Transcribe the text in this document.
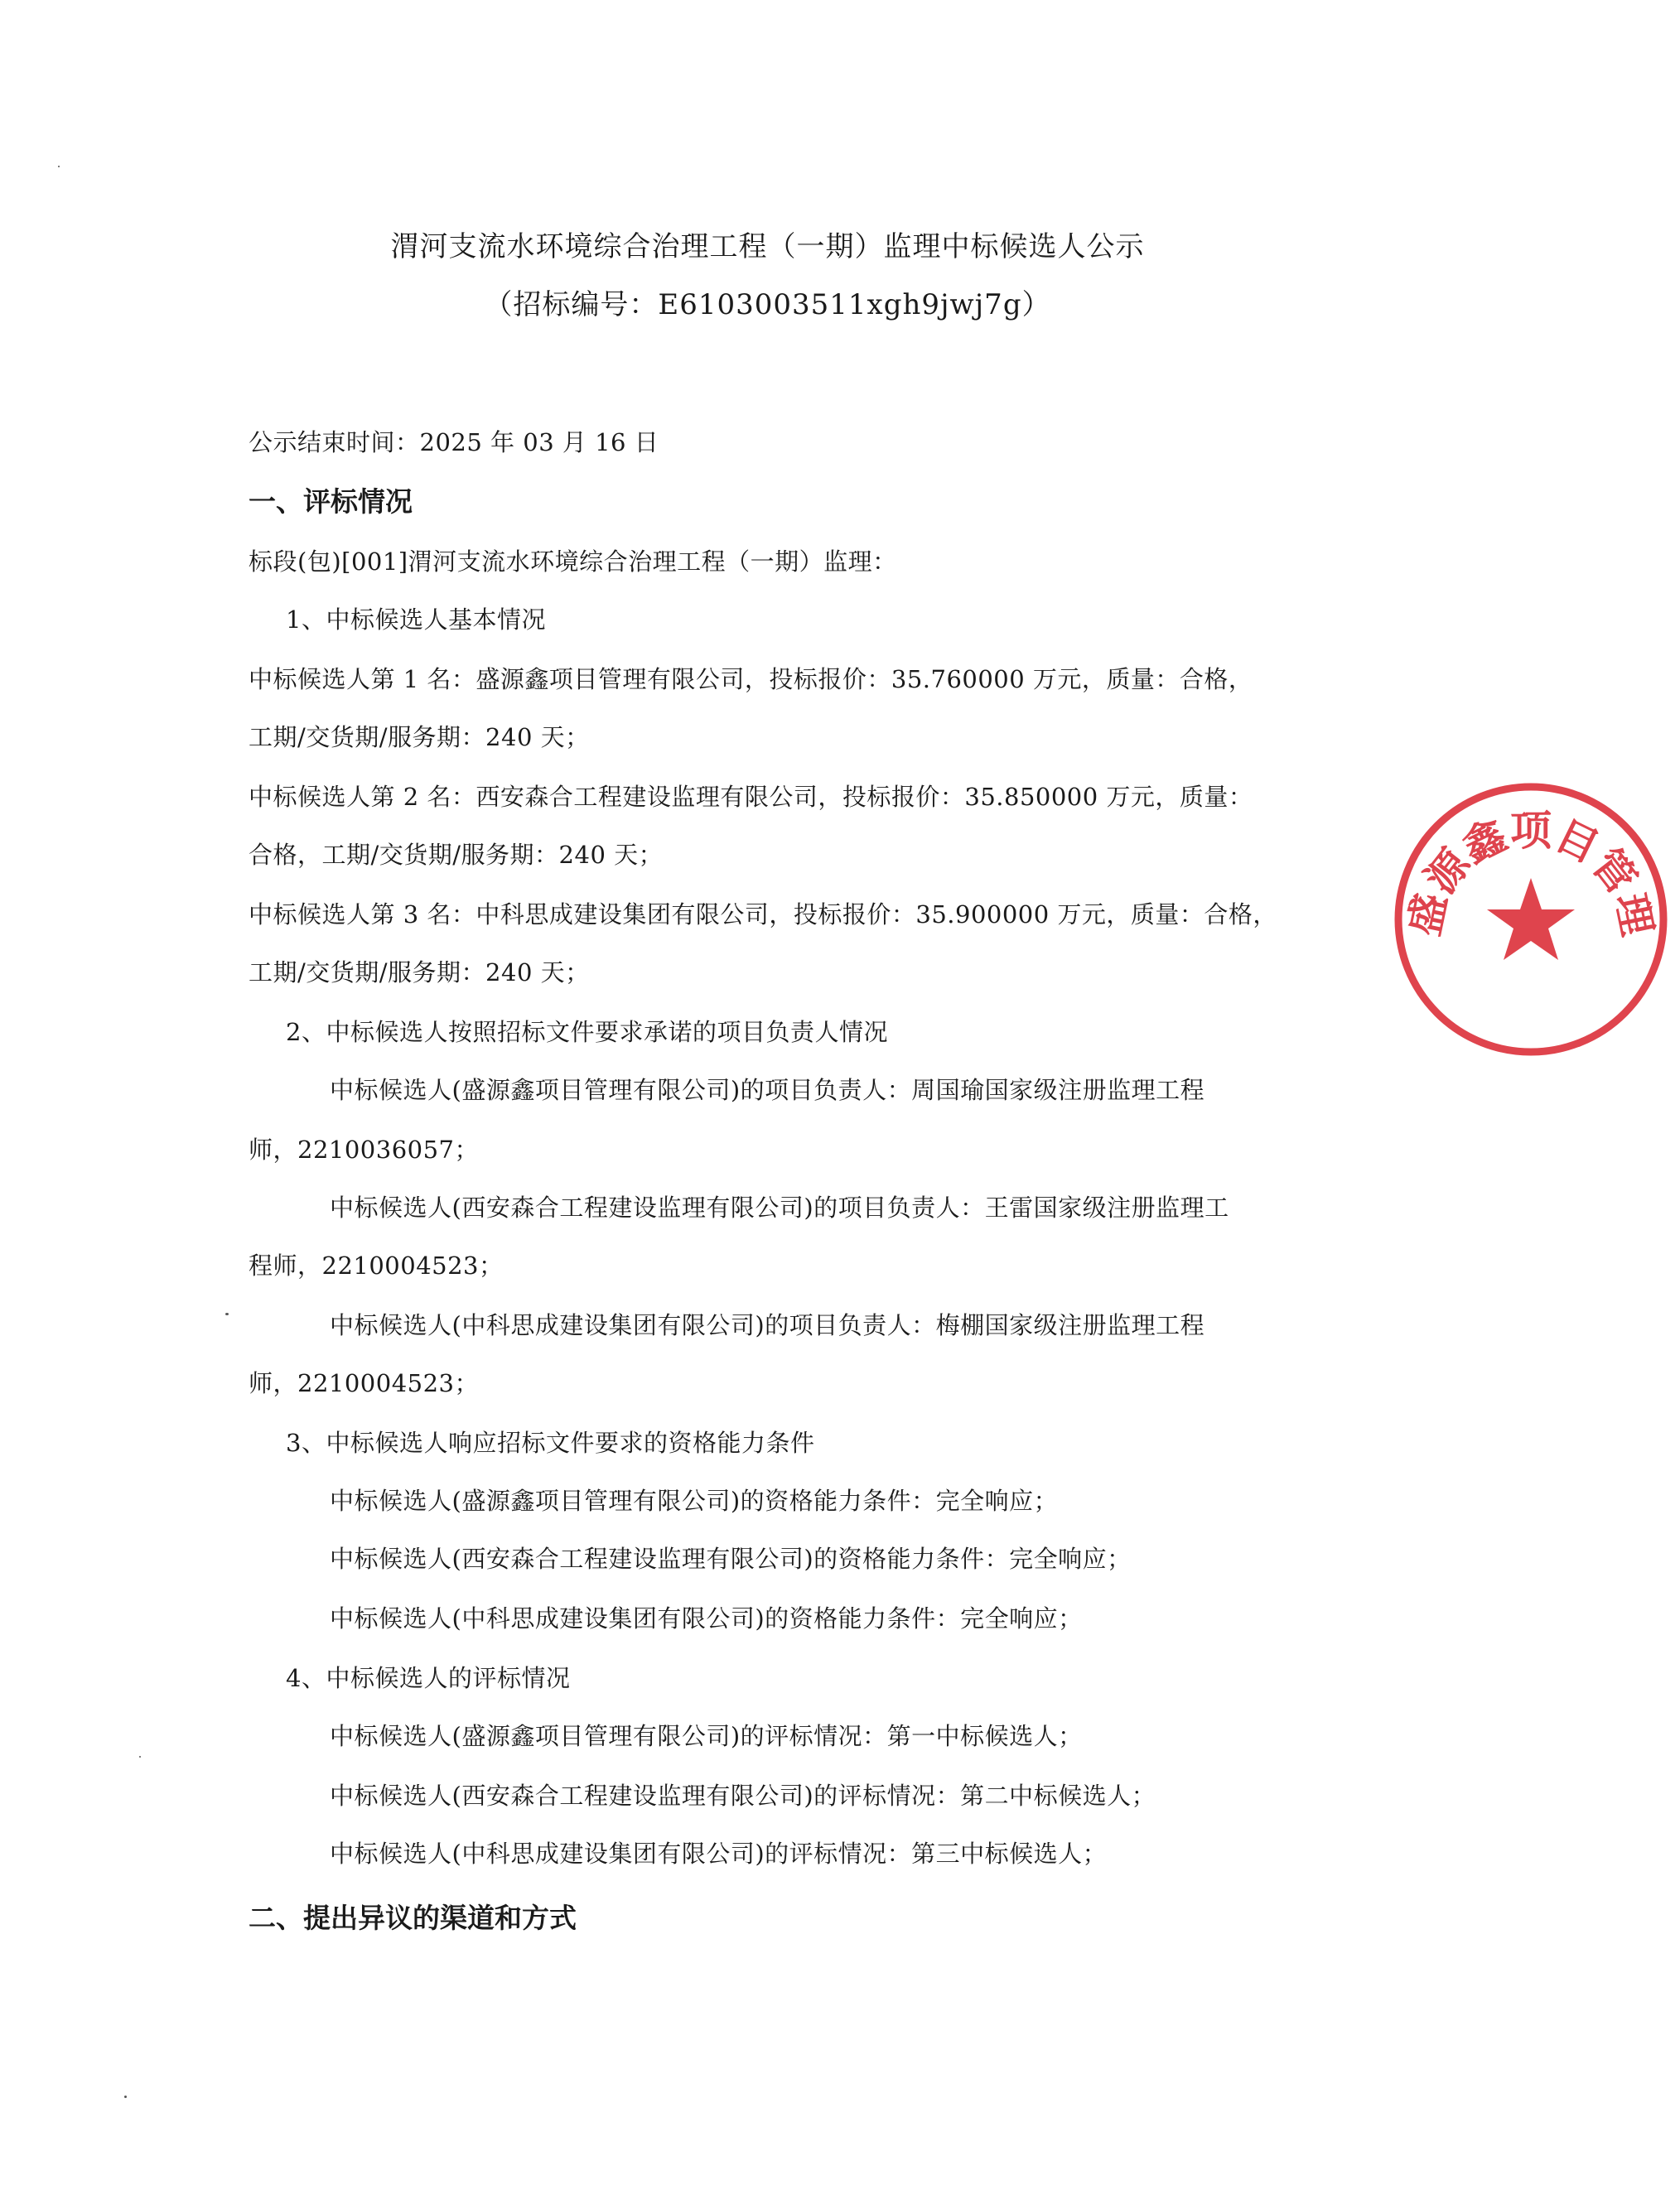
渭河支流水环境综合治理工程（一期）监理中标候选人公示
（招标编号：E6103003511xgh9jwj7g）
公示结束时间：2025 年 03 月 16 日
一、评标情况
标段(包)[001]渭河支流水环境综合治理工程（一期）监理：
1、中标候选人基本情况
中标候选人第 1 名：盛源鑫项目管理有限公司，投标报价：35.760000 万元，质量：合格，
工期/交货期/服务期：240 天；
中标候选人第 2 名：西安森合工程建设监理有限公司，投标报价：35.850000 万元，质量：
合格，工期/交货期/服务期：240 天；
中标候选人第 3 名：中科思成建设集团有限公司，投标报价：35.900000 万元，质量：合格，
工期/交货期/服务期：240 天；
2、中标候选人按照招标文件要求承诺的项目负责人情况
中标候选人(盛源鑫项目管理有限公司)的项目负责人：周国瑜国家级注册监理工程
师，2210036057；
中标候选人(西安森合工程建设监理有限公司)的项目负责人：王雷国家级注册监理工
程师，2210004523；
中标候选人(中科思成建设集团有限公司)的项目负责人：梅棚国家级注册监理工程
师，2210004523；
3、中标候选人响应招标文件要求的资格能力条件
中标候选人(盛源鑫项目管理有限公司)的资格能力条件：完全响应；
中标候选人(西安森合工程建设监理有限公司)的资格能力条件：完全响应；
中标候选人(中科思成建设集团有限公司)的资格能力条件：完全响应；
4、中标候选人的评标情况
中标候选人(盛源鑫项目管理有限公司)的评标情况：第一中标候选人；
中标候选人(西安森合工程建设监理有限公司)的评标情况：第二中标候选人；
中标候选人(中科思成建设集团有限公司)的评标情况：第三中标候选人；
二、提出异议的渠道和方式
盛源鑫项目管理
